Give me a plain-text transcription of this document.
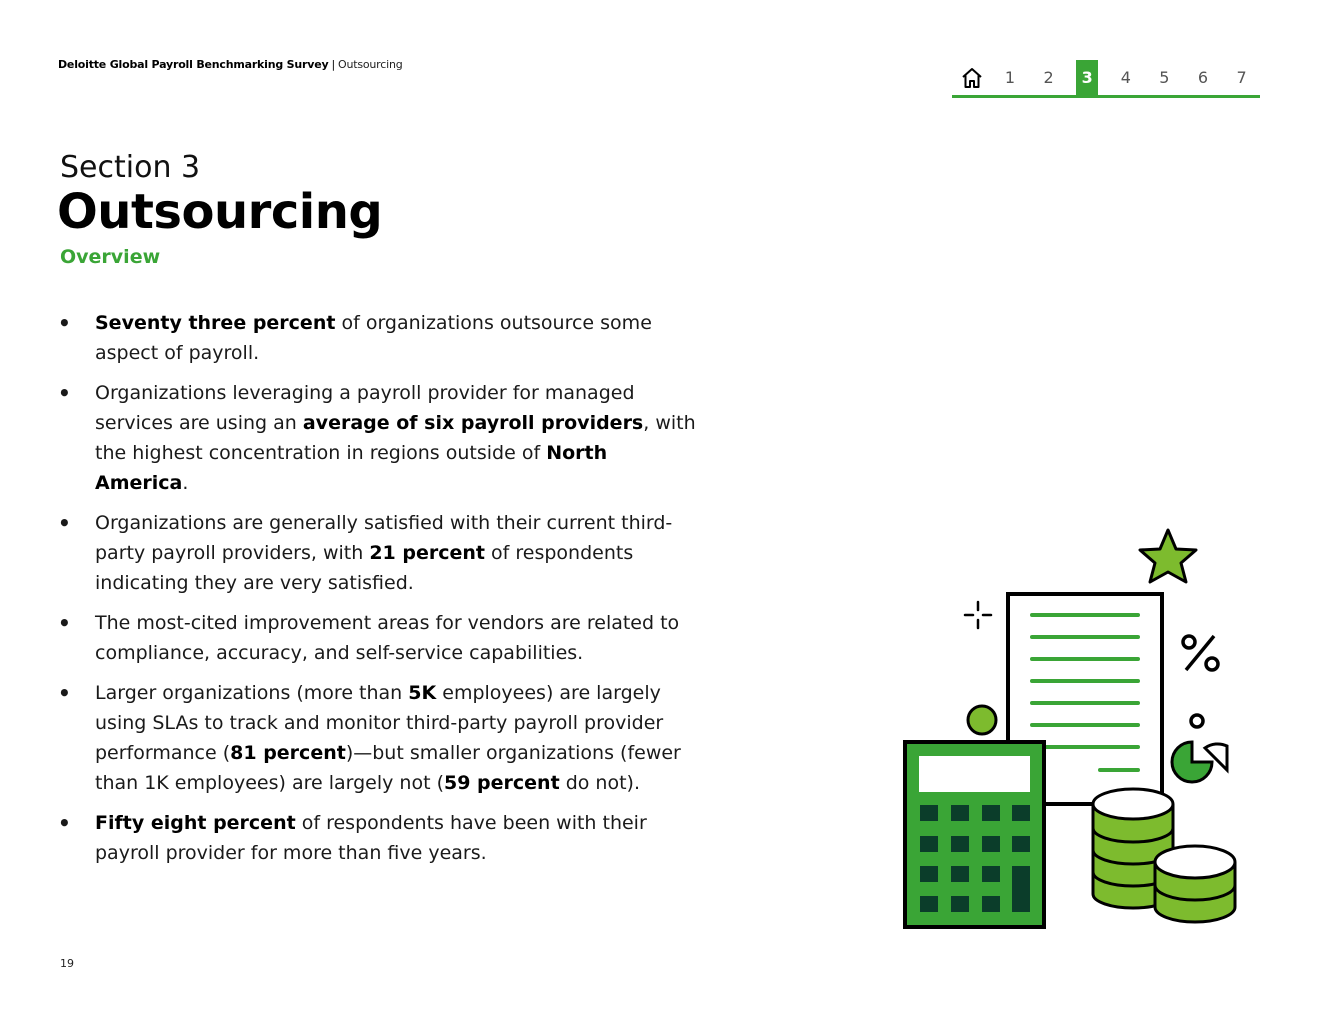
Deloitte Global Payroll Benchmarking Survey | Outsourcing
1	2	3	4	5	6	7
Section 3
Outsourcing
Overview
• Seventy three percent of organizations outsource some aspect of payroll.
• Organizations leveraging a payroll provider for managed services are using an average of six payroll providers, with the highest concentration in regions outside of North America.
• Organizations are generally satisfied with their current third-party payroll providers, with 21 percent of respondents indicating they are very satisfied.
• The most-cited improvement areas for vendors are related to compliance, accuracy, and self-service capabilities.
• Larger organizations (more than 5K employees) are largely using SLAs to track and monitor third-party payroll provider performance (81 percent)—but smaller organizations (fewer than 1K employees) are largely not (59 percent do not).
• Fifty eight percent of respondents have been with their payroll provider for more than five years.
19
